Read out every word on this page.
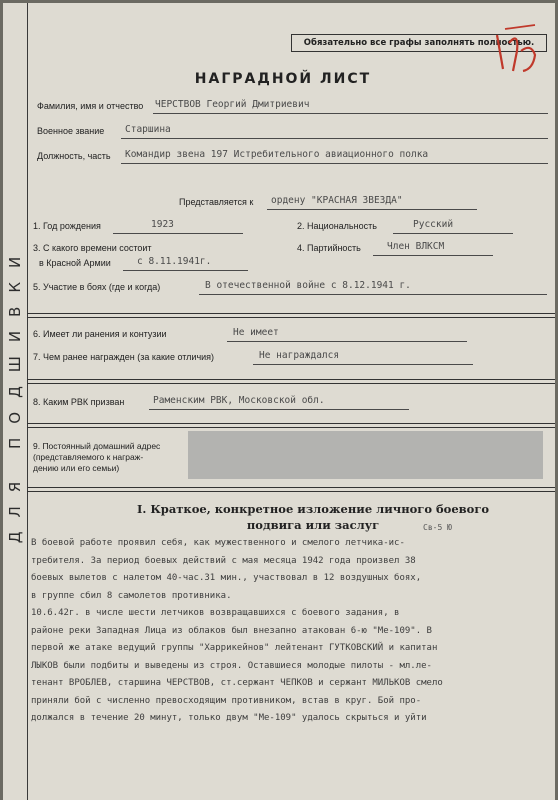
ДЛЯ ПОДШИВКИ
Обязательно все графы заполнять полностью.
НАГРАДНОЙ ЛИСТ
Фамилия, имя и отчество ЧЕРСТВОВ Георгий Дмитриевич
Военное звание Старшина
Должность, часть Командир звена 197 Истребительного авиационного полка
Представляется к ордену "КРАСНАЯ ЗВЕЗДА"
1. Год рождения	1923	2. Национальность	Русский
3. С какого времени состоит
в Красной Армии	с 8.11.1941г.
4. Партийность	Член ВЛКСМ
5. Участие в боях (где и когда)	В отечественной войне с 8.12.1941 г.
6. Имеет ли ранения и контузии	Не имеет
7. Чем ранее награжден (за какие отличия)	Не награждался
8. Каким РВК призван	Раменским РВК, Московской обл.
9. Постоянный домашний адрес
(представляемого к награж-
дению или его семьи)
I. Краткое, конкретное изложение личного боевого
подвига или заслуг	Св-5 Ю
В боевой работе проявил себя, как мужественного и смелого летчика-ис-
требителя. За период боевых действий с мая месяца 1942 года произвел 38
боевых вылетов с налетом 40-час.31 мин., участвовал в 12 воздушных боях,
в группе сбил 8 самолетов противника.
10.6.42г. в числе шести летчиков возвращавшихся с боевого задания, в
районе реки Западная Лица из облаков был внезапно атакован 6-ю "Ме-109". В
первой же атаке ведущий группы "Харрикейнов" лейтенант ГУТКОВСКИЙ и капитан
ЛЫКОВ были подбиты и выведены из строя. Оставшиеся молодые пилоты - мл.ле-
тенант ВРОБЛЕВ, старшина ЧЕРСТВОВ, ст.сержант ЧЕПКОВ и сержант МИЛЬКОВ смело
приняли бой с численно превосходящим противником, встав в круг. Бой про-
должался в течение 20 минут, только двум "Ме-109" удалось скрыться и уйти
